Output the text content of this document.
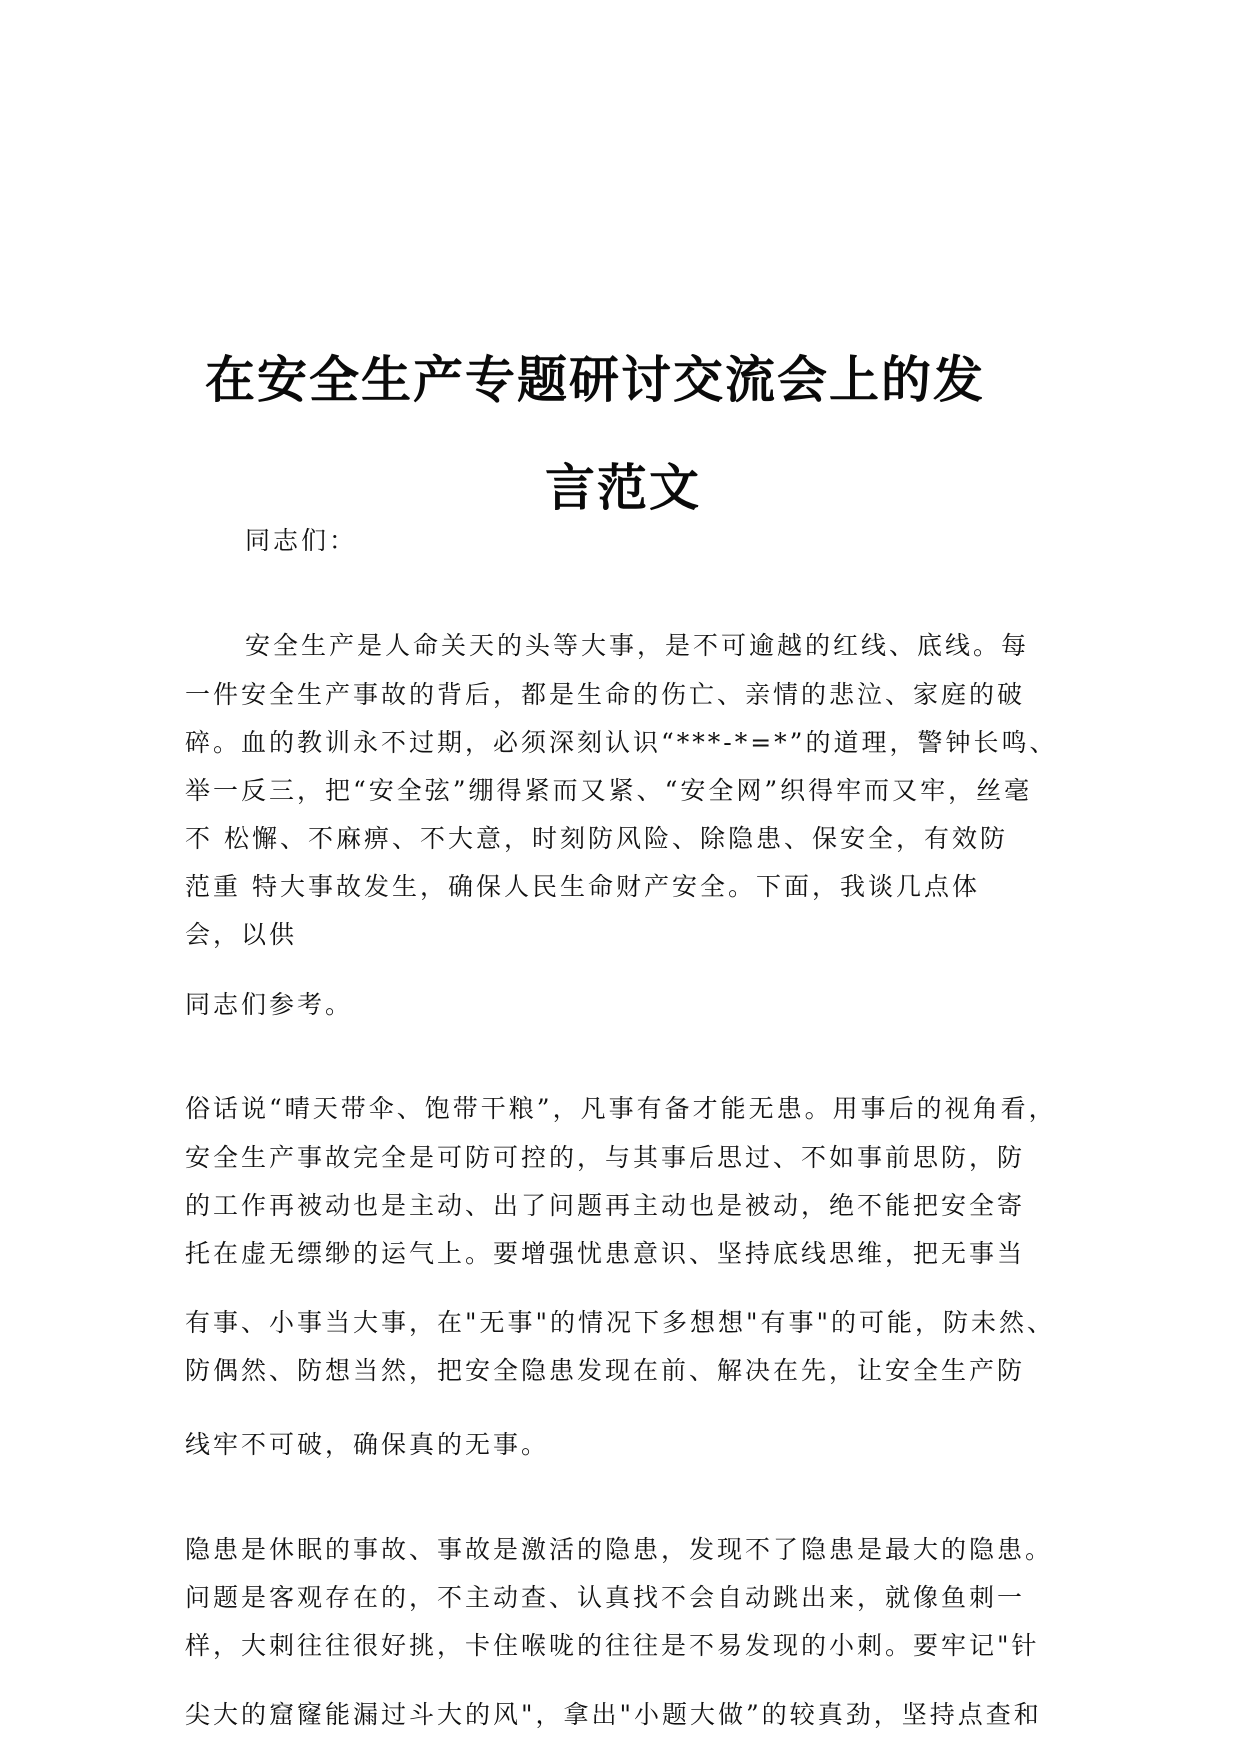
在安全生产专题研讨交流会上的发
言范文
同志们：
安全生产是人命关天的头等大事，是不可逾越的红线、底线。每
一件安全生产事故的背后，都是生命的伤亡、亲情的悲泣、家庭的破
碎。血的教训永不过期，必须深刻认识“***-*=*”的道理，警钟长鸣、
举一反三，把“安全弦”绷得紧而又紧、“安全网”织得牢而又牢，丝毫
不 松懈、不麻痹、不大意，时刻防风险、除隐患、保安全，有效防
范重 特大事故发生，确保人民生命财产安全。下面，我谈几点体
会，以供
同志们参考。
俗话说“晴天带伞、饱带干粮”，凡事有备才能无患。用事后的视角看，
安全生产事故完全是可防可控的，与其事后思过、不如事前思防，防
的工作再被动也是主动、出了问题再主动也是被动，绝不能把安全寄
托在虚无缥缈的运气上。要增强忧患意识、坚持底线思维，把无事当
有事、小事当大事，在"无事"的情况下多想想"有事"的可能，防未然、
防偶然、防想当然，把安全隐患发现在前、解决在先，让安全生产防
线牢不可破，确保真的无事。
隐患是休眠的事故、事故是激活的隐患，发现不了隐患是最大的隐患。
问题是客观存在的，不主动查、认真找不会自动跳出来，就像鱼刺一
样，大刺往往很好挑，卡住喉咙的往往是不易发现的小刺。要牢记"针
尖大的窟窿能漏过斗大的风"，拿出"小题大做”的较真劲，坚持点查和
